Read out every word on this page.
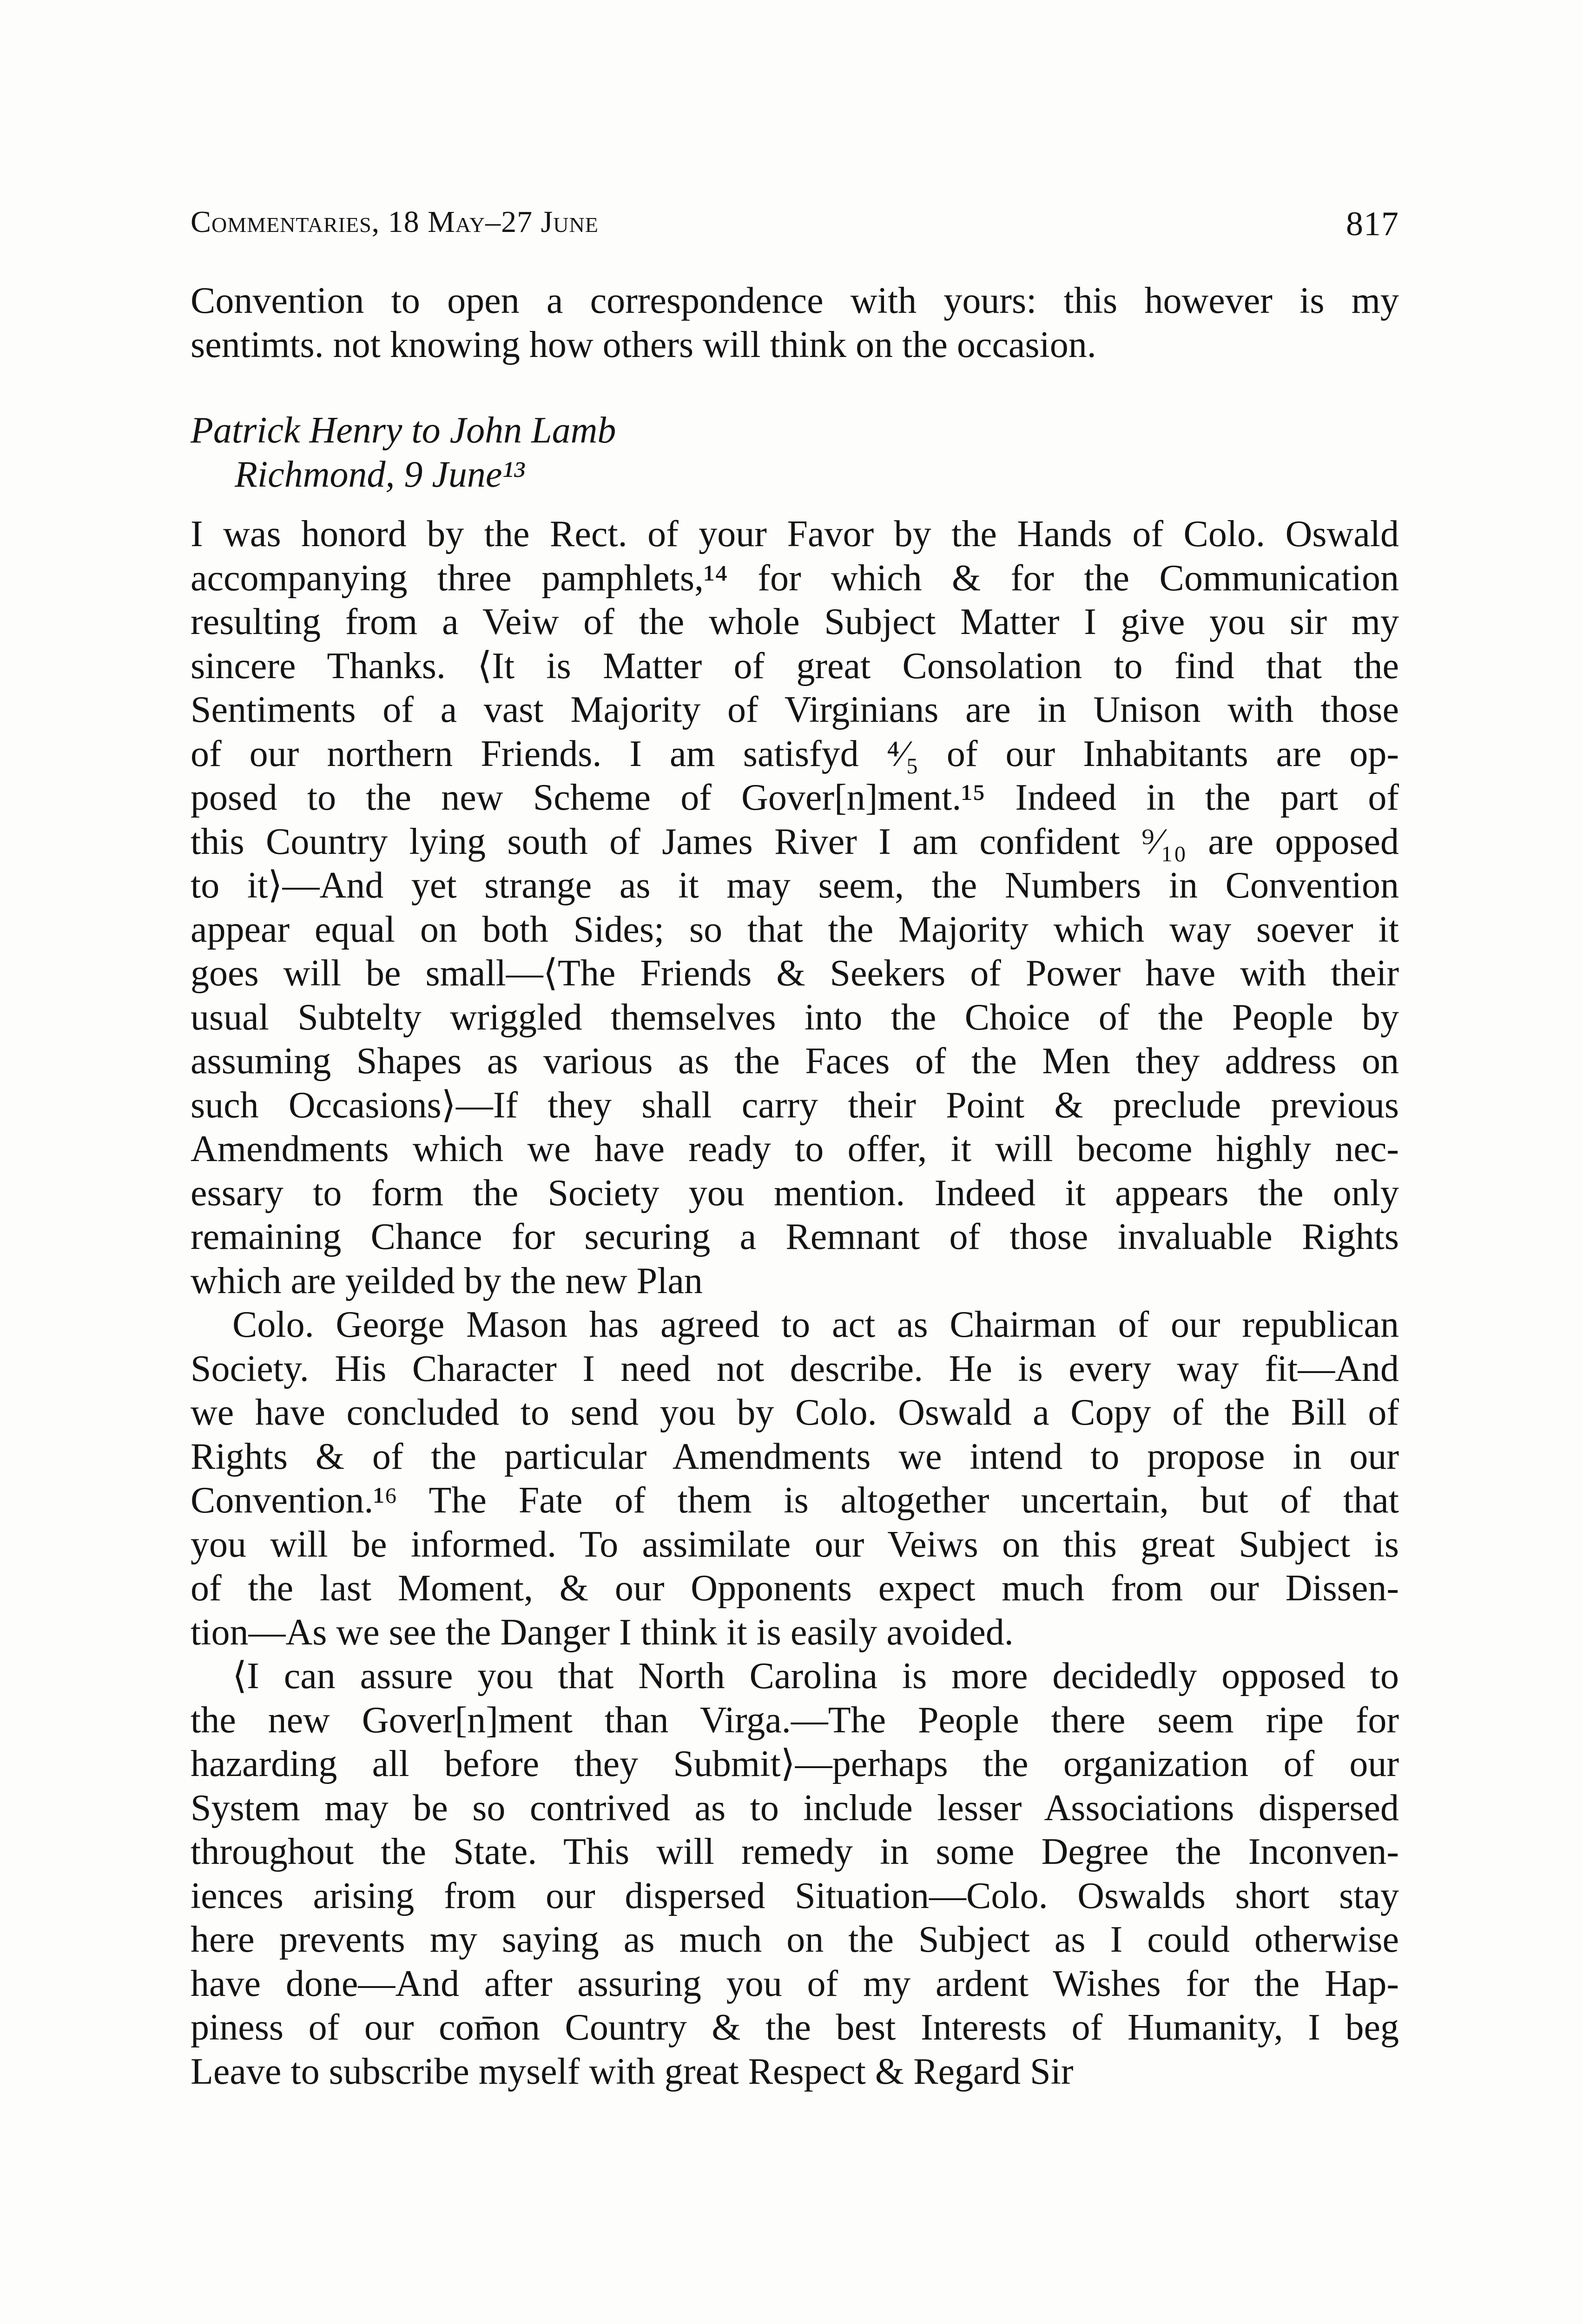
Commentaries, 18 May–27 June	817
Convention to open a correspondence with yours: this however is my
sentimts. not knowing how others will think on the occasion.
Patrick Henry to John Lamb
Richmond, 9 June¹³
I was honord by the Rect. of your Favor by the Hands of Colo. Oswald
accompanying three pamphlets,¹⁴ for which & for the Communication
resulting from a Veiw of the whole Subject Matter I give you sir my
sincere Thanks. ⟨It is Matter of great Consolation to find that the
Sentiments of a vast Majority of Virginians are in Unison with those
of our northern Friends. I am satisfyd ⁴⁄₅ of our Inhabitants are op-
posed to the new Scheme of Gover[n]ment.¹⁵ Indeed in the part of
this Country lying south of James River I am confident ⁹⁄₁₀ are opposed
to it⟩—And yet strange as it may seem, the Numbers in Convention
appear equal on both Sides; so that the Majority which way soever it
goes will be small—⟨The Friends & Seekers of Power have with their
usual Subtelty wriggled themselves into the Choice of the People by
assuming Shapes as various as the Faces of the Men they address on
such Occasions⟩—If they shall carry their Point & preclude previous
Amendments which we have ready to offer, it will become highly nec-
essary to form the Society you mention. Indeed it appears the only
remaining Chance for securing a Remnant of those invaluable Rights
which are yeilded by the new Plan
Colo. George Mason has agreed to act as Chairman of our republican
Society. His Character I need not describe. He is every way fit—And
we have concluded to send you by Colo. Oswald a Copy of the Bill of
Rights & of the particular Amendments we intend to propose in our
Convention.¹⁶ The Fate of them is altogether uncertain, but of that
you will be informed. To assimilate our Veiws on this great Subject is
of the last Moment, & our Opponents expect much from our Dissen-
tion—As we see the Danger I think it is easily avoided.
⟨I can assure you that North Carolina is more decidedly opposed to
the new Gover[n]ment than Virga.—The People there seem ripe for
hazarding all before they Submit⟩—perhaps the organization of our
System may be so contrived as to include lesser Associations dispersed
throughout the State. This will remedy in some Degree the Inconven-
iences arising from our dispersed Situation—Colo. Oswalds short stay
here prevents my saying as much on the Subject as I could otherwise
have done—And after assuring you of my ardent Wishes for the Hap-
piness of our com̄on Country & the best Interests of Humanity, I beg
Leave to subscribe myself with great Respect & Regard Sir
